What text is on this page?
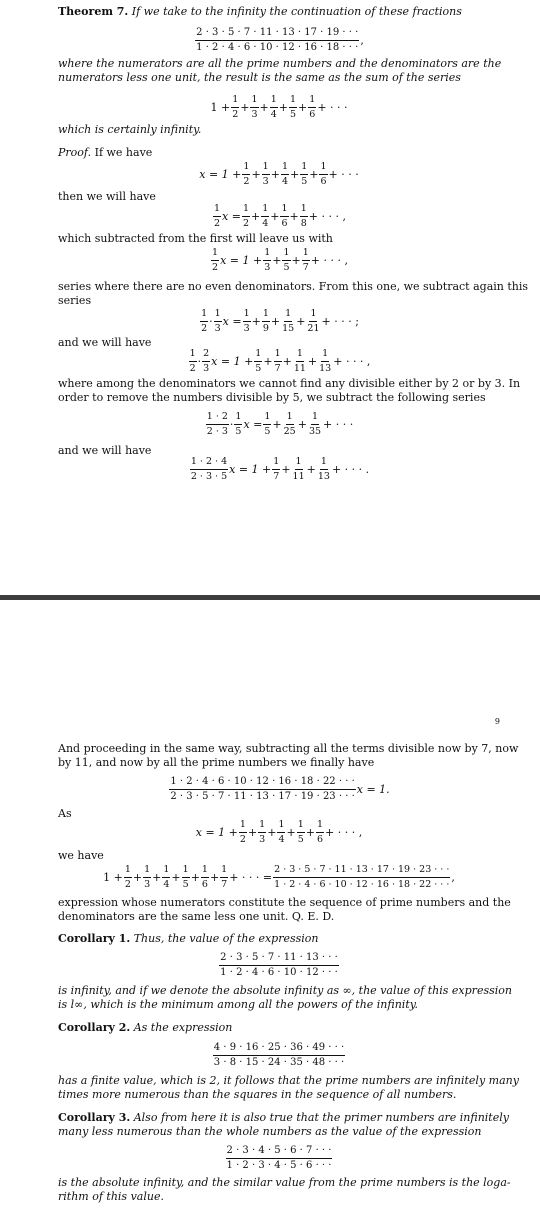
Theorem 7. If we take to the infinity the continuation of these fractions

2 · 3 · 5 · 7 · 11 · 13 · 17 · 19 · · ·
1 · 2 · 4 · 6 · 10 · 12 · 16 · 18 · · ·
,

where the numerators are all the prime numbers and the denominators are the

numerators less one unit, the result is the same as the sum of the series

$1 + \frac{1}{2}$ +
1
3
+
1
4
+
1
5
+
1
6
+ · · ·

which is certainly infinity.

Proof. If we have

$x = 1 + \frac{1}{2}$ +
1
3
+
1
4
+
1
5
+
1
6
+ · · ·

then we will have

1
2
$x = \frac{1}{2}$ +
1
4
+
1
6
+
1
8
+ · · · ,

which subtracted from the first will leave us with

1
2
$x = 1 + \frac{1}{3}$ +
1
5
+
1
7
+ · · · ,

series where there are no even denominators. From this one, we subtract again this

series

1
2
·
1
3
$x = \frac{1}{3}$ +
1
9
+
1
15
+
1
21
+ · · · ;

and we will have

1
2
·
2
3
$x = 1 + \frac{1}{5}$ +
1
7
+
1
11
+
1
13
+ · · · ,

where among the denominators we cannot find any divisible either by 2 or by 3. In

order to remove the numbers divisible by 5, we subtract the following series

1 · 2
2 · 3
·
1
5
$x = \frac{1}{5}$ +
1
25
+
1
35
+ · · ·

and we will have

1 · 2 · 4
2 · 3 · 5
$x = 1 + \frac{1}{7}$ +
1
11
+
1
13
+ · · · .
9

And proceeding in the same way, subtracting all the terms divisible now by 7, now

by 11, and now by all the prime numbers we finally have

1 · 2 · 4 · 6 · 10 · 12 · 16 · 18 · 22 · · ·
2 · 3 · 5 · 7 · 11 · 13 · 17 · 19 · 23 · · ·
x = 1.

As

$x = 1 + \frac{1}{2}$ +
1
3
+
1
4
+
1
5
+
1
6
+ · · · ,

we have

$1 + \frac{1}{2}$ +
1
3
+
1
4
+
1
5
+
1
6
+
1
7
+ · · · = $\frac{2 \cdot 3 \cdot 5 \cdot 7 \cdot 11 \cdot 13 \cdot 17 \cdot 19 \cdot 23 \cdot \cdot \cdot}{1 \cdot 2 \cdot 4 \cdot 6 \cdot 10 \cdot 12 \cdot 16 \cdot 18 \cdot 22 \cdot \cdot \cdot}$ ,

expression whose numerators constitute the sequence of prime numbers and the

denominators are the same less one unit. Q. E. D.

Corollary 1. Thus, the value of the expression

2 · 3 · 5 · 7 · 11 · 13 · · ·
1 · 2 · 4 · 6 · 10 · 12 · · ·

is infinity, and if we denote the absolute infinity as ∞, the value of this expression

is l∞, which is the minimum among all the powers of the infinity.

Corollary 2. As the expression

4 · 9 · 16 · 25 · 36 · 49 · · ·
3 · 8 · 15 · 24 · 35 · 48 · · ·

has a finite value, which is 2, it follows that the prime numbers are infinitely many

times more numerous than the squares in the sequence of all numbers.

Corollary 3. Also from here it is also true that the primer numbers are infinitely

many less numerous than the whole numbers as the value of the expression

2 · 3 · 4 · 5 · 6 · 7 · · ·
1 · 2 · 3 · 4 · 5 · 6 · · ·

is the absolute infinity, and the similar value from the prime numbers is the loga-

rithm of this value.
